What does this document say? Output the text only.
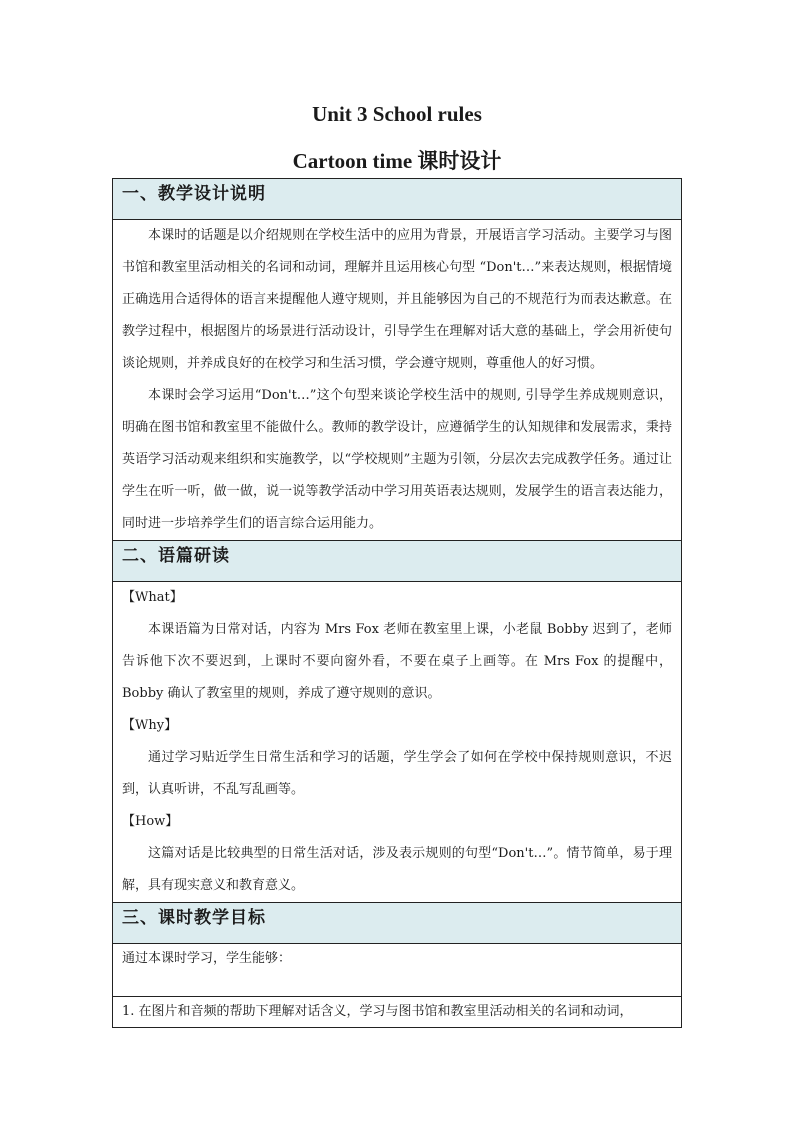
Unit 3 School rules
Cartoon time 课时设计
一、教学设计说明

本课时的话题是以介绍规则在学校生活中的应用为背景，开展语言学习活动。主要学习与图书馆和教室里活动相关的名词和动词，理解并且运用核心句型 “Don't…”来表达规则，根据情境正确选用合适得体的语言来提醒他人遵守规则，并且能够因为自己的不规范行为而表达歉意。在教学过程中，根据图片的场景进行活动设计，引导学生在理解对话大意的基础上，学会用祈使句谈论规则，并养成良好的在校学习和生活习惯，学会遵守规则，尊重他人的好习惯。

本课时会学习运用“Don't…”这个句型来谈论学校生活中的规则, 引导学生养成规则意识，明确在图书馆和教室里不能做什么。教师的教学设计，应遵循学生的认知规律和发展需求，秉持英语学习活动观来组织和实施教学，以“学校规则”主题为引领，分层次去完成教学任务。通过让学生在听一听，做一做，说一说等教学活动中学习用英语表达规则，发展学生的语言表达能力，同时进一步培养学生们的语言综合运用能力。

二、语篇研读

【What】

本课语篇为日常对话，内容为 Mrs Fox 老师在教室里上课，小老鼠 Bobby 迟到了，老师告诉他下次不要迟到，上课时不要向窗外看，不要在桌子上画等。在 Mrs Fox 的提醒中，Bobby 确认了教室里的规则，养成了遵守规则的意识。

【Why】

通过学习贴近学生日常生活和学习的话题，学生学会了如何在学校中保持规则意识，不迟到，认真听讲，不乱写乱画等。

【How】

这篇对话是比较典型的日常生活对话，涉及表示规则的句型“Don't…”。情节简单，易于理解，具有现实意义和教育意义。

三、课时教学目标
通过本课时学习，学生能够：
1. 在图片和音频的帮助下理解对话含义，学习与图书馆和教室里活动相关的名词和动词，
